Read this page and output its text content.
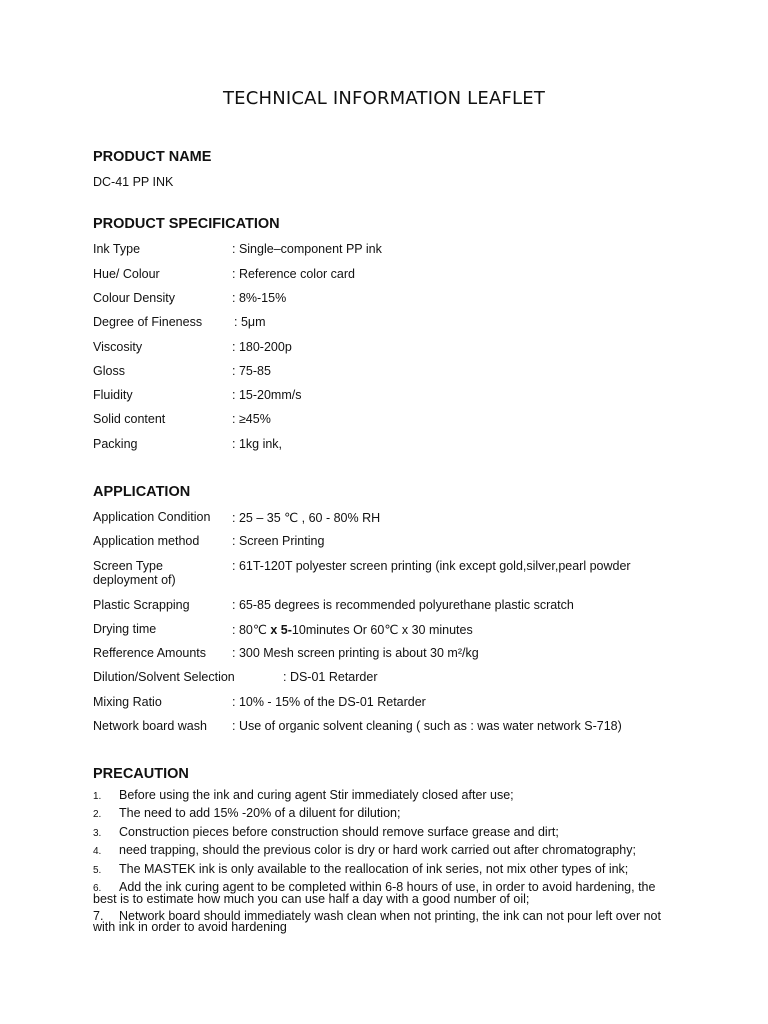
TECHNICAL INFORMATION LEAFLET
PRODUCT NAME
DC-41 PP INK
PRODUCT SPECIFICATION
Ink Type	: Single–component PP ink
Hue/ Colour	: Reference color card
Colour Density	: 8%-15%
Degree of Fineness	: 5μm
Viscosity	: 180-200p
Gloss	: 75-85
Fluidity	: 15-20mm/s
Solid content	: ≥45%
Packing	: 1kg ink,
APPLICATION
Application Condition : 25 – 35 ℃ , 60 - 80% RH
Application method	: Screen Printing
Screen Type	: 61T-120T polyester screen printing (ink except gold,silver,pearl powder
deployment of)
Plastic Scrapping	: 65-85 degrees is recommended polyurethane plastic scratch
Drying time	: 80℃ x 5-10minutes Or 60℃ x 30 minutes
Refference Amounts : 300 Mesh screen printing is about 30 m²/kg
Dilution/Solvent Selection	: DS-01 Retarder
Mixing Ratio	: 10% - 15% of the DS-01 Retarder
Network board wash : Use of organic solvent cleaning ( such as : was water network S-718)
PRECAUTION
1. Before using the ink and curing agent Stir immediately closed after use;
2. The need to add 15% -20% of a diluent for dilution;
3. Construction pieces before construction should remove surface grease and dirt;
4. need trapping, should the previous color is dry or hard work carried out after chromatography;
5. The MASTEK ink is only available to the reallocation of ink series, not mix other types of ink;
6. Add the ink curing agent to be completed within 6-8 hours of use, in order to avoid hardening, the
best is to estimate how much you can use half a day with a good number of oil;
7. Network board should immediately wash clean when not printing, the ink can not pour left over not
with ink in order to avoid hardening
